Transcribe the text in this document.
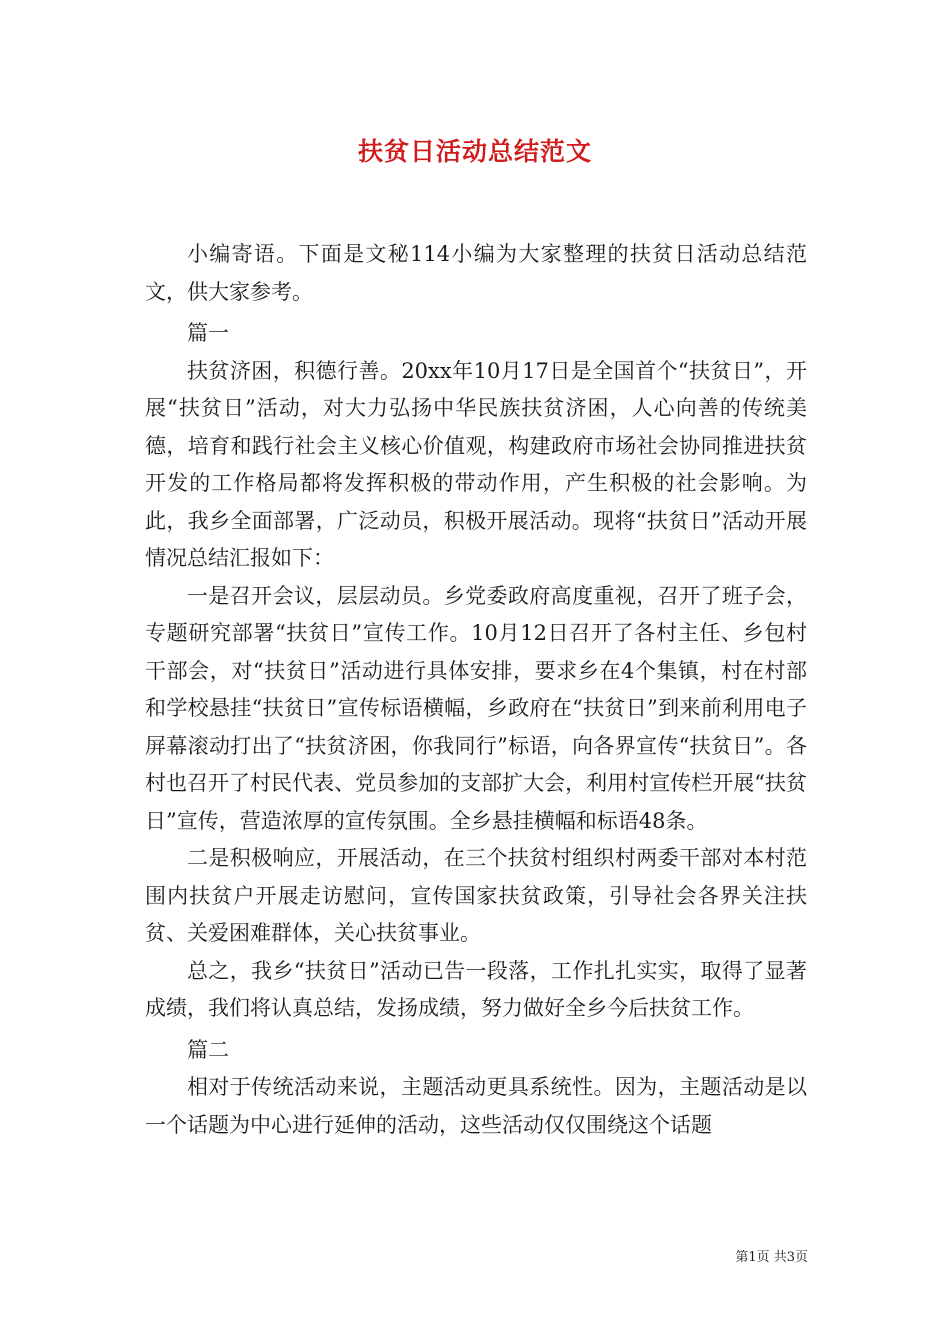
扶贫日活动总结范文

小编寄语。下面是文秘114小编为大家整理的扶贫日活动总结范文，供大家参考。

篇一

扶贫济困，积德行善。20xx年10月17日是全国首个“扶贫日”，开展“扶贫日”活动，对大力弘扬中华民族扶贫济困，人心向善的传统美德，培育和践行社会主义核心价值观，构建政府市场社会协同推进扶贫开发的工作格局都将发挥积极的带动作用，产生积极的社会影响。为此，我乡全面部署，广泛动员，积极开展活动。现将“扶贫日”活动开展情况总结汇报如下：

一是召开会议，层层动员。乡党委政府高度重视，召开了班子会，专题研究部署“扶贫日”宣传工作。10月12日召开了各村主任、乡包村干部会，对“扶贫日”活动进行具体安排，要求乡在4个集镇，村在村部和学校悬挂“扶贫日”宣传标语横幅，乡政府在“扶贫日”到来前利用电子屏幕滚动打出了“扶贫济困，你我同行”标语，向各界宣传“扶贫日”。各村也召开了村民代表、党员参加的支部扩大会，利用村宣传栏开展“扶贫日”宣传，营造浓厚的宣传氛围。全乡悬挂横幅和标语48条。

二是积极响应，开展活动，在三个扶贫村组织村两委干部对本村范围内扶贫户开展走访慰问，宣传国家扶贫政策，引导社会各界关注扶贫、关爱困难群体，关心扶贫事业。

总之，我乡“扶贫日”活动已告一段落，工作扎扎实实，取得了显著成绩，我们将认真总结，发扬成绩，努力做好全乡今后扶贫工作。

篇二

相对于传统活动来说，主题活动更具系统性。因为，主题活动是以一个话题为中心进行延伸的活动，这些活动仅仅围绕这个话题

第1页 共3页
